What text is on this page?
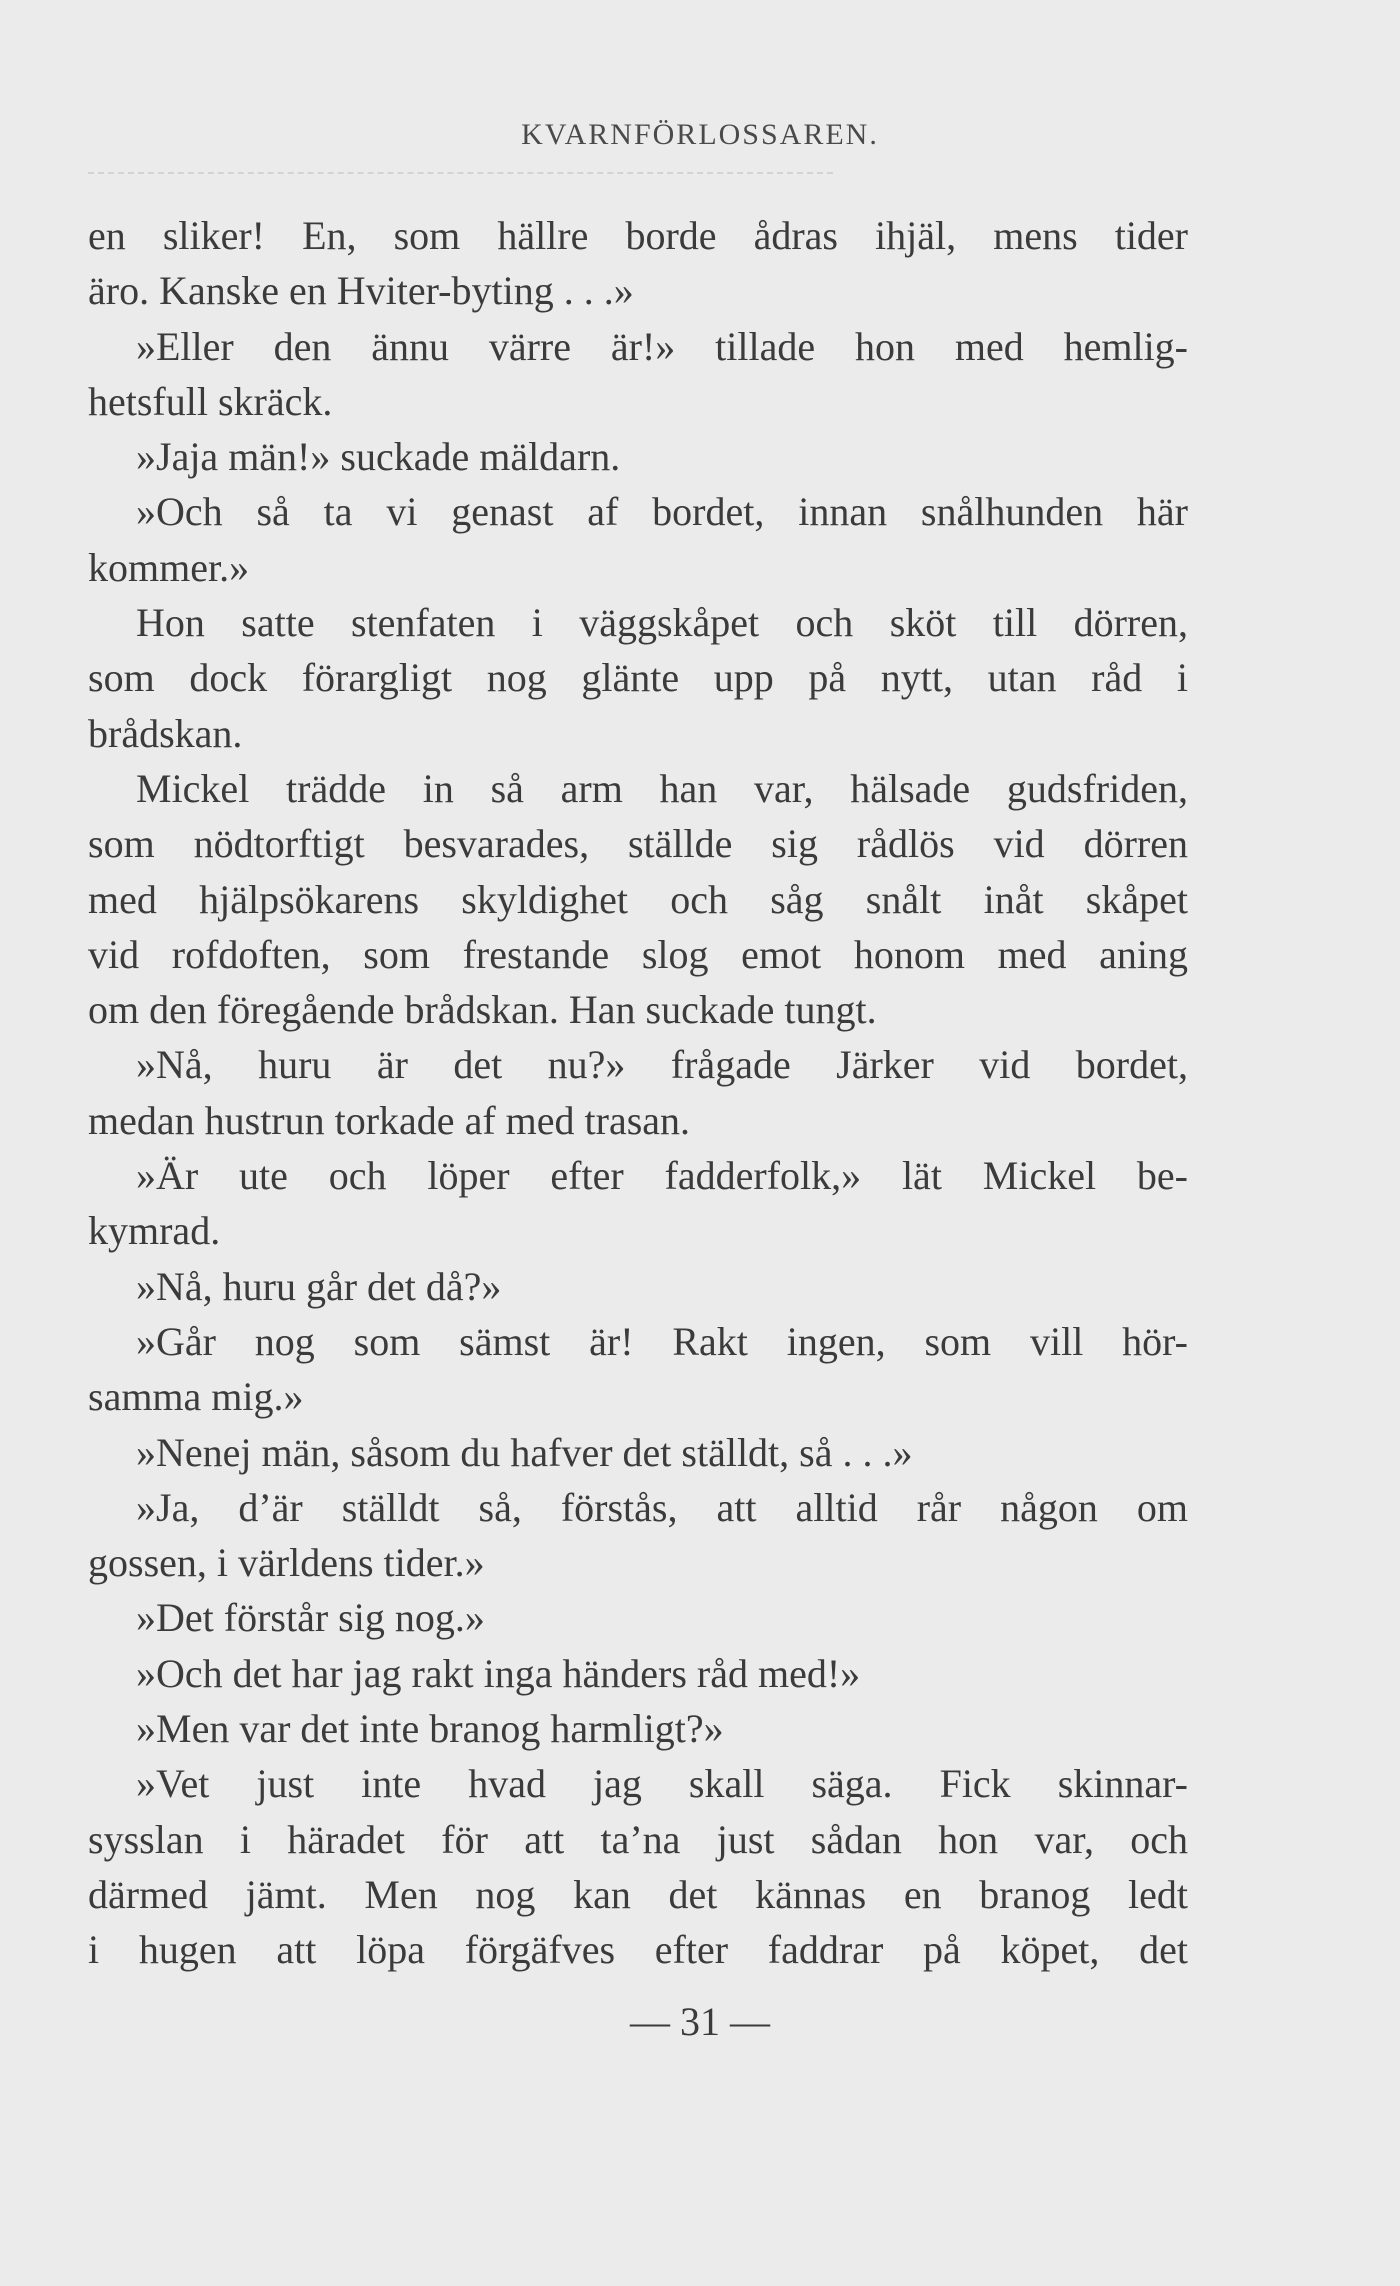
KVARNFÖRLOSSAREN.
en sliker! En, som hällre borde ådras ihjäl, mens tider
äro. Kanske en Hviter-byting . . .»
»Eller den ännu värre är!» tillade hon med hemlig-
hetsfull skräck.
»Jaja män!» suckade mäldarn.
»Och så ta vi genast af bordet, innan snålhunden här
kommer.»
Hon satte stenfaten i väggskåpet och sköt till dörren,
som dock förargligt nog glänte upp på nytt, utan råd i
brådskan.
Mickel trädde in så arm han var, hälsade gudsfriden,
som nödtorftigt besvarades, ställde sig rådlös vid dörren
med hjälpsökarens skyldighet och såg snålt inåt skåpet
vid rofdoften, som frestande slog emot honom med aning
om den föregående brådskan. Han suckade tungt.
»Nå, huru är det nu?» frågade Järker vid bordet,
medan hustrun torkade af med trasan.
»Är ute och löper efter fadderfolk,» lät Mickel be-
kymrad.
»Nå, huru går det då?»
»Går nog som sämst är! Rakt ingen, som vill hör-
samma mig.»
»Nenej män, såsom du hafver det ställdt, så . . .»
»Ja, d’är ställdt så, förstås, att alltid rår någon om
gossen, i världens tider.»
»Det förstår sig nog.»
»Och det har jag rakt inga händers råd med!»
»Men var det inte branog harmligt?»
»Vet just inte hvad jag skall säga. Fick skinnar-
sysslan i häradet för att ta’na just sådan hon var, och
därmed jämt. Men nog kan det kännas en branog ledt
i hugen att löpa förgäfves efter faddrar på köpet, det
— 31 —
